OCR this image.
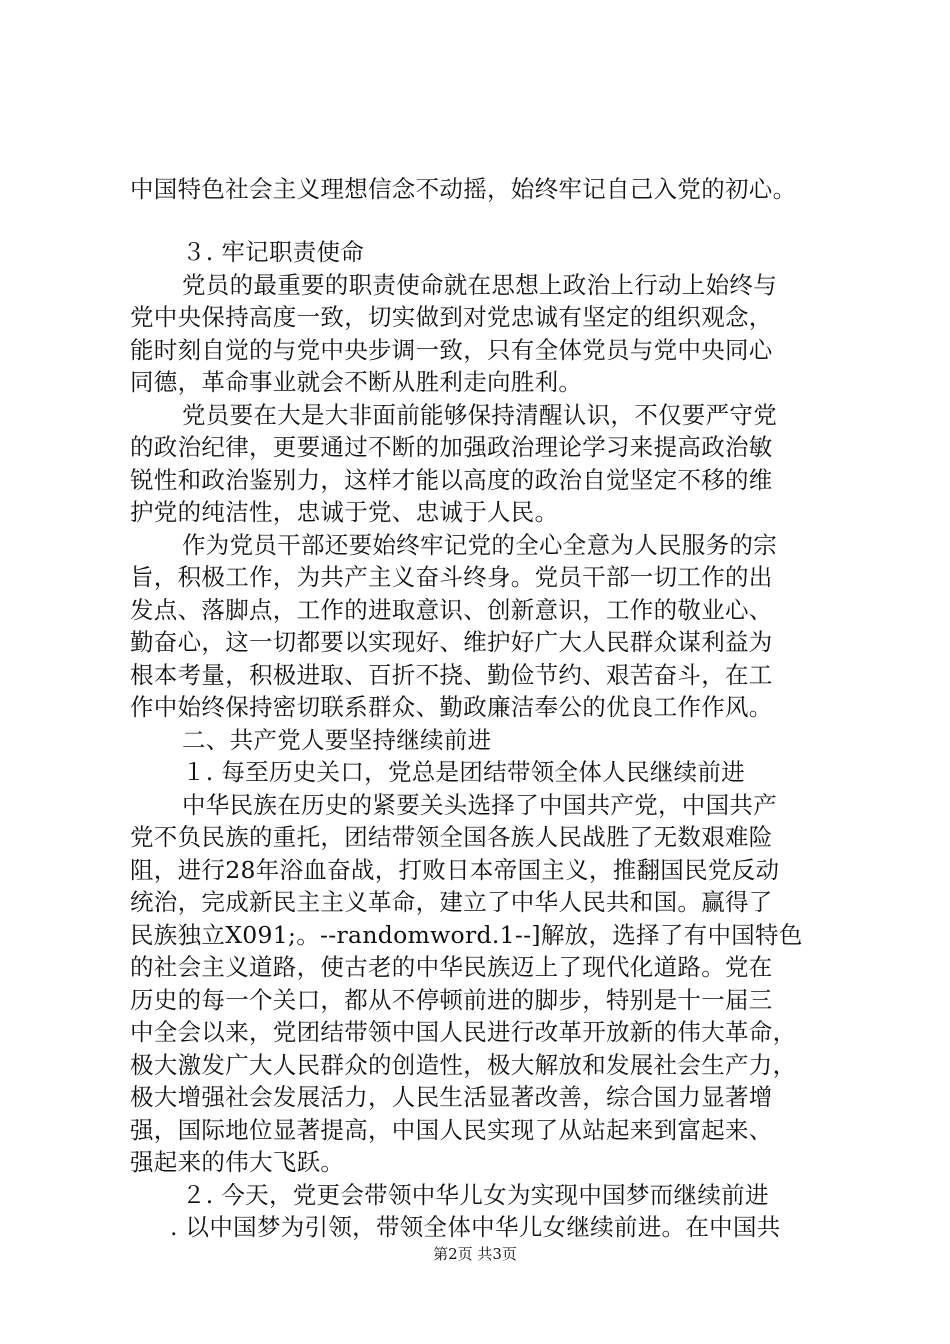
中国特色社会主义理想信念不动摇，始终牢记自己入党的初心。
３. 牢记职责使命
党员的最重要的职责使命就在思想上政治上行动上始终与
党中央保持高度一致，切实做到对党忠诚有坚定的组织观念，
能时刻自觉的与党中央步调一致，只有全体党员与党中央同心
同德，革命事业就会不断从胜利走向胜利。
党员要在大是大非面前能够保持清醒认识，不仅要严守党
的政治纪律，更要通过不断的加强政治理论学习来提高政治敏
锐性和政治鉴别力，这样才能以高度的政治自觉坚定不移的维
护党的纯洁性，忠诚于党、忠诚于人民。
作为党员干部还要始终牢记党的全心全意为人民服务的宗
旨，积极工作，为共产主义奋斗终身。党员干部一切工作的出
发点、落脚点，工作的进取意识、创新意识，工作的敬业心、
勤奋心，这一切都要以实现好、维护好广大人民群众谋利益为
根本考量，积极进取、百折不挠、勤俭节约、艰苦奋斗，在工
作中始终保持密切联系群众、勤政廉洁奉公的优良工作作风。
二、共产党人要坚持继续前进
１. 每至历史关口，党总是团结带领全体人民继续前进
中华民族在历史的紧要关头选择了中国共产党，中国共产
党不负民族的重托，团结带领全国各族人民战胜了无数艰难险
阻，进行28年浴血奋战，打败日本帝国主义，推翻国民党反动
统治，完成新民主主义革命，建立了中华人民共和国。赢得了
民族独立X091;。--randomword.1--]解放，选择了有中国特色
的社会主义道路，使古老的中华民族迈上了现代化道路。党在
历史的每一个关口，都从不停顿前进的脚步，特别是十一届三
中全会以来，党团结带领中国人民进行改革开放新的伟大革命，
极大激发广大人民群众的创造性，极大解放和发展社会生产力，
极大增强社会发展活力，人民生活显著改善，综合国力显著增
强，国际地位显著提高，中国人民实现了从站起来到富起来、
强起来的伟大飞跃。
２. 今天，党更会带领中华儿女为实现中国梦而继续前进
. 以中国梦为引领，带领全体中华儿女继续前进。在中国共
第2页 共3页
